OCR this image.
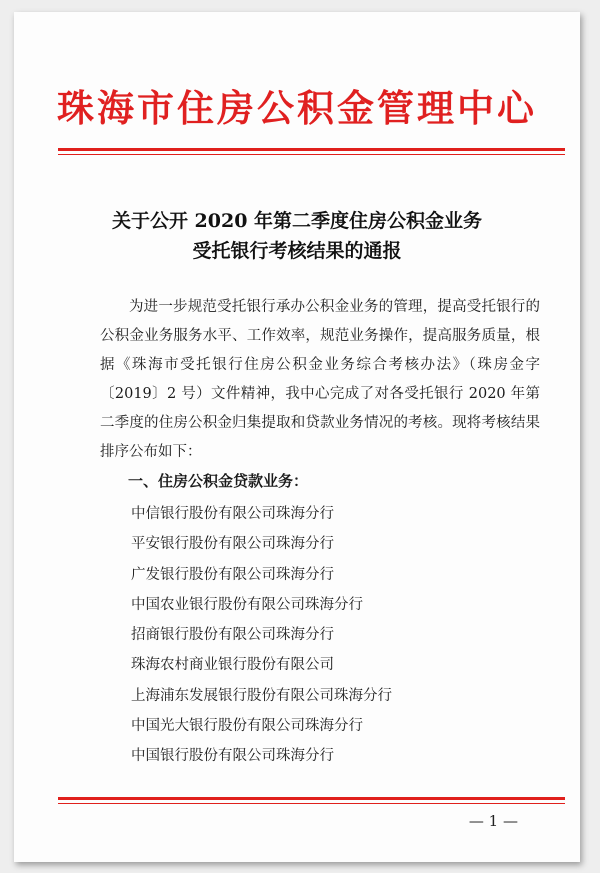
珠海市住房公积金管理中心
关于公开 2020 年第二季度住房公积金业务
受托银行考核结果的通报
为进一步规范受托银行承办公积金业务的管理，提高受托银行的公积金业务服务水平、工作效率，规范业务操作，提高服务质量，根据《珠海市受托银行住房公积金业务综合考核办法》（珠房金字〔2019〕2 号）文件精神，我中心完成了对各受托银行 2020 年第二季度的住房公积金归集提取和贷款业务情况的考核。现将考核结果排序公布如下：
一、住房公积金贷款业务：
中信银行股份有限公司珠海分行
平安银行股份有限公司珠海分行
广发银行股份有限公司珠海分行
中国农业银行股份有限公司珠海分行
招商银行股份有限公司珠海分行
珠海农村商业银行股份有限公司
上海浦东发展银行股份有限公司珠海分行
中国光大银行股份有限公司珠海分行
中国银行股份有限公司珠海分行
— 1 —
